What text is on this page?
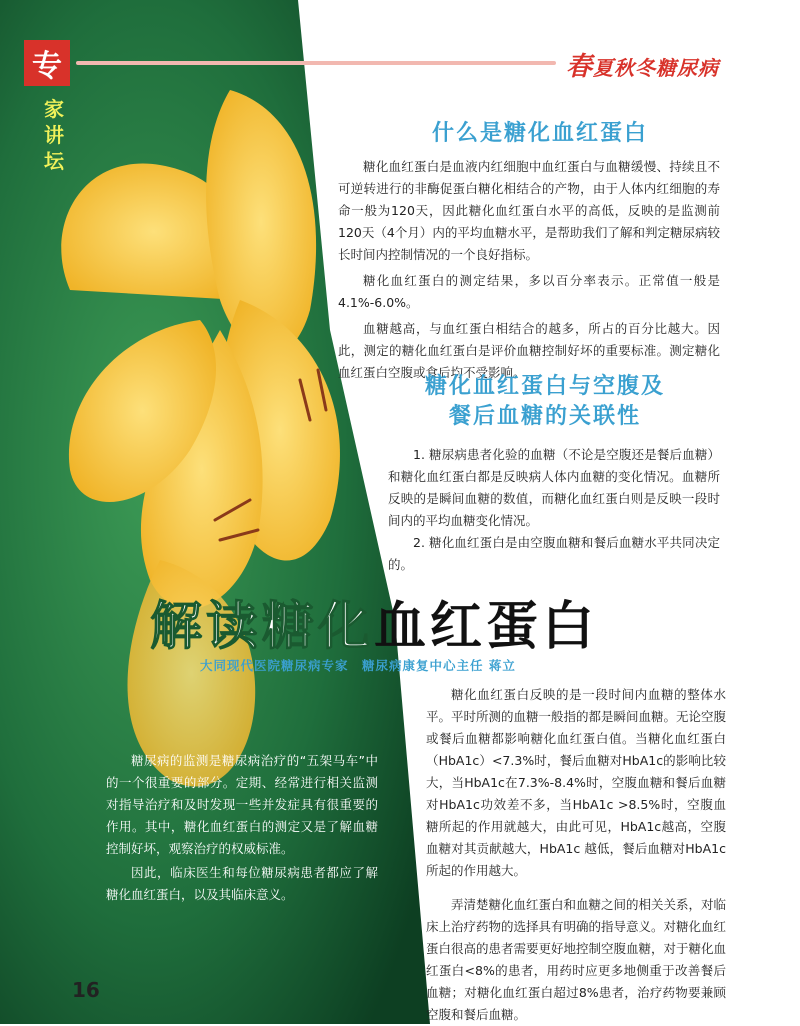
专
家讲坛
春夏秋冬糖尿病
什么是糖化血红蛋白

糖化血红蛋白是血液内红细胞中血红蛋白与血糖缓慢、持续且不可逆转进行的非酶促蛋白糖化相结合的产物，由于人体内红细胞的寿命一般为120天，因此糖化血红蛋白水平的高低，反映的是监测前120天（4个月）内的平均血糖水平，是帮助我们了解和判定糖尿病较长时间内控制情况的一个良好指标。

糖化血红蛋白的测定结果，多以百分率表示。正常值一般是4.1%-6.0%。

血糖越高，与血红蛋白相结合的越多，所占的百分比越大。因此，测定的糖化血红蛋白是评价血糖控制好坏的重要标准。测定糖化血红蛋白空腹或食后均不受影响。

糖化血红蛋白与空腹及
餐后血糖的关联性

1. 糖尿病患者化验的血糖（不论是空腹还是餐后血糖）和糖化血红蛋白都是反映病人体内血糖的变化情况。血糖所反映的是瞬间血糖的数值，而糖化血红蛋白则是反映一段时间内的平均血糖变化情况。

2. 糖化血红蛋白是由空腹血糖和餐后血糖水平共同决定的。

解读糖化血红蛋白
大同现代医院糖尿病专家　糖尿病康复中心主任 蒋立

糖尿病的监测是糖尿病治疗的“五架马车”中的一个很重要的部分。定期、经常进行相关监测对指导治疗和及时发现一些并发症具有很重要的作用。其中，糖化血红蛋白的测定又是了解血糖控制好坏，观察治疗的权威标准。

因此，临床医生和每位糖尿病患者都应了解糖化血红蛋白，以及其临床意义。

糖化血红蛋白反映的是一段时间内血糖的整体水平。平时所测的血糖一般指的都是瞬间血糖。无论空腹或餐后血糖都影响糖化血红蛋白值。当糖化血红蛋白（HbA1c）<7.3%时，餐后血糖对HbA1c的影响比较大，当HbA1c在7.3%-8.4%时，空腹血糖和餐后血糖对HbA1c功效差不多，当HbA1c >8.5%时，空腹血糖所起的作用就越大，由此可见，HbA1c越高，空腹血糖对其贡献越大，HbA1c 越低，餐后血糖对HbA1c所起的作用越大。

弄清楚糖化血红蛋白和血糖之间的相关关系，对临床上治疗药物的选择具有明确的指导意义。对糖化血红蛋白很高的患者需要更好地控制空腹血糖，对于糖化血红蛋白<8%的患者，用药时应更多地侧重于改善餐后血糖；对糖化血红蛋白超过8%患者，治疗药物要兼顾空腹和餐后血糖。

16
